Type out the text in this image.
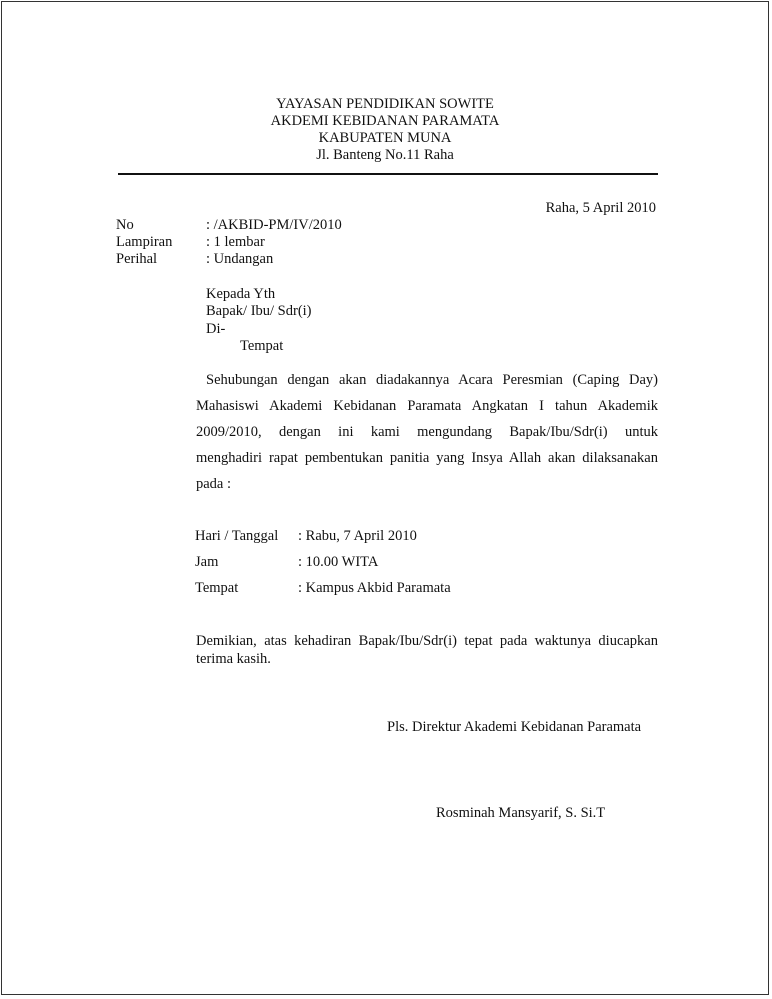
YAYASAN PENDIDIKAN SOWITE
AKDEMI KEBIDANAN PARAMATA
KABUPATEN MUNA
Jl. Banteng No.11 Raha
Raha, 5 April 2010
No	: /AKBID-PM/IV/2010
Lampiran : 1 lembar
Perihal	: Undangan
Kepada Yth
Bapak/ Ibu/ Sdr(i)
Di-
Tempat
Sehubungan dengan akan diadakannya Acara Peresmian (Caping Day)
Mahasiswi Akademi Kebidanan Paramata Angkatan I tahun Akademik
2009/2010, dengan ini kami mengundang Bapak/Ibu/Sdr(i) untuk
menghadiri rapat pembentukan panitia yang Insya Allah akan dilaksanakan
pada :
Hari / Tanggal : Rabu, 7 April 2010
Jam	: 10.00 WITA
Tempat	: Kampus Akbid Paramata
Demikian, atas kehadiran Bapak/Ibu/Sdr(i) tepat pada waktunya diucapkan
terima kasih.
Pls. Direktur Akademi Kebidanan Paramata
Rosminah Mansyarif, S. Si.T
